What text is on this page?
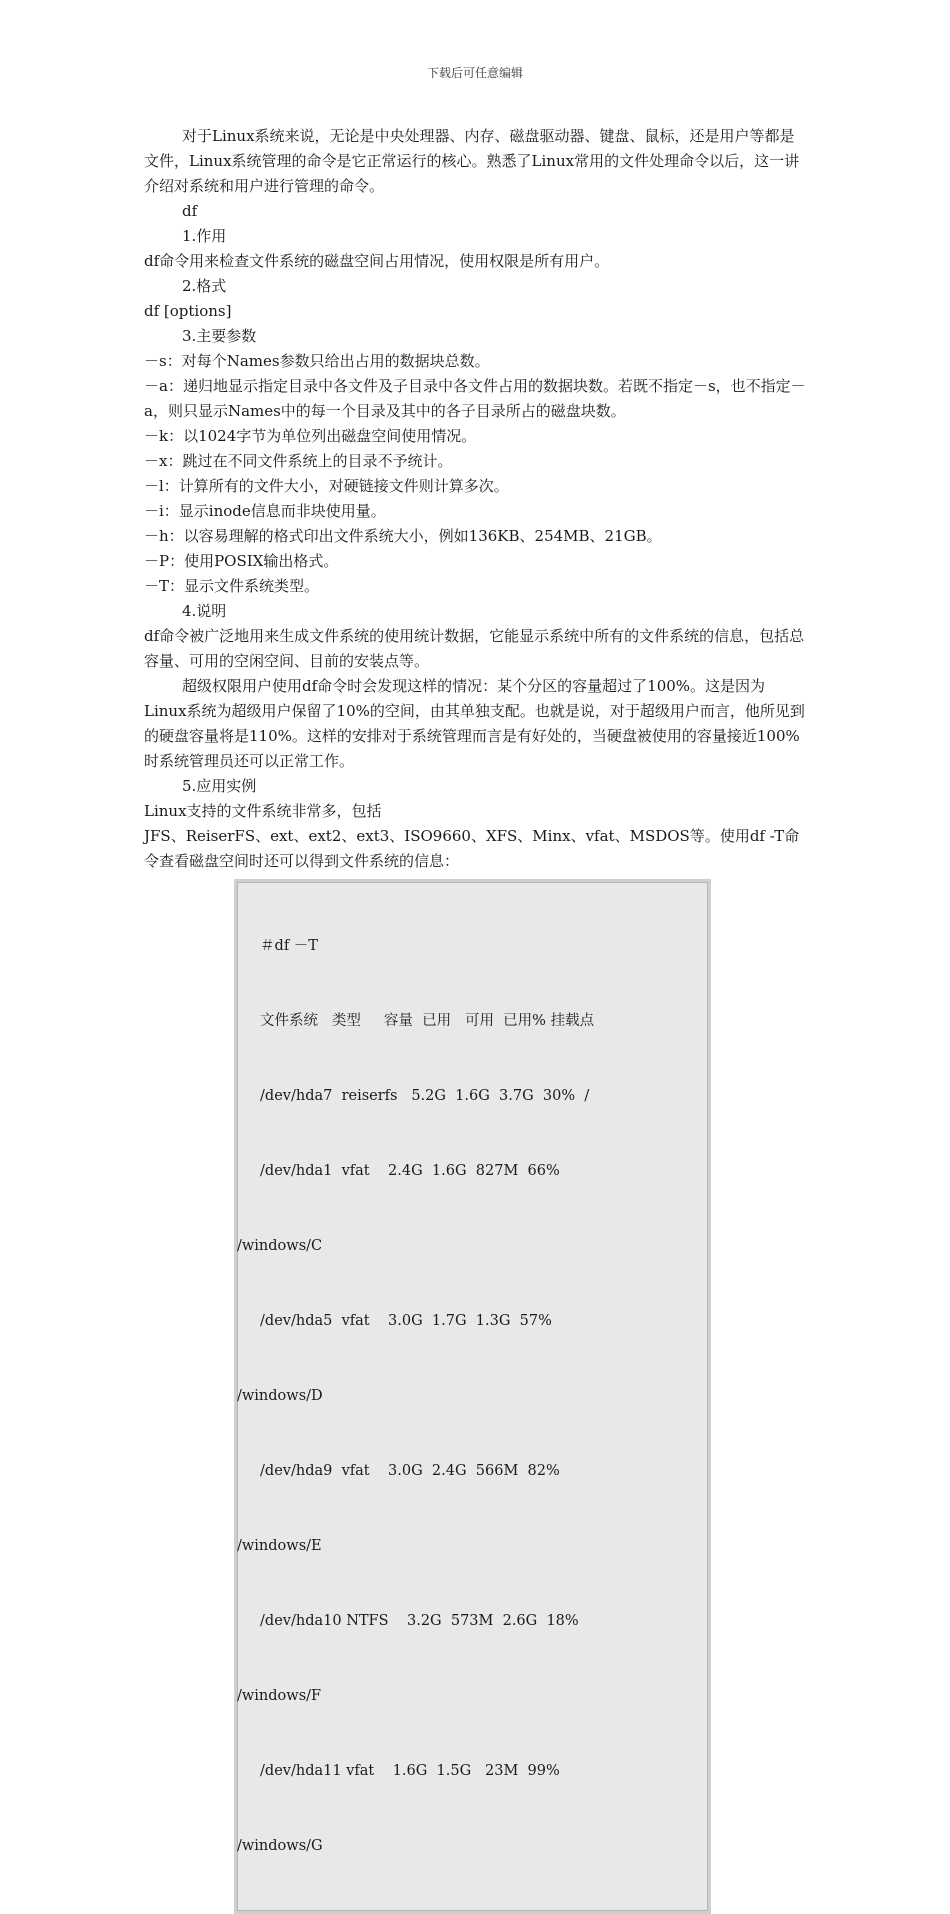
下载后可任意编辑

对于Linux系统来说，无论是中央处理器、内存、磁盘驱动器、键盘、鼠标，还是用户等都是文件，Linux系统管理的命令是它正常运行的核心。熟悉了Linux常用的文件处理命令以后，这一讲介绍对系统和用户进行管理的命令。

df

1.作用

df命令用来检查文件系统的磁盘空间占用情况，使用权限是所有用户。

2.格式

df [options]

3.主要参数

－s：对每个Names参数只给出占用的数据块总数。

－a：递归地显示指定目录中各文件及子目录中各文件占用的数据块数。若既不指定－s，也不指定－a，则只显示Names中的每一个目录及其中的各子目录所占的磁盘块数。

－k：以1024字节为单位列出磁盘空间使用情况。

－x：跳过在不同文件系统上的目录不予统计。

－l：计算所有的文件大小，对硬链接文件则计算多次。

－i：显示inode信息而非块使用量。

－h：以容易理解的格式印出文件系统大小，例如136KB、254MB、21GB。

－P：使用POSIX输出格式。

－T：显示文件系统类型。

4.说明

df命令被广泛地用来生成文件系统的使用统计数据，它能显示系统中所有的文件系统的信息，包括总容量、可用的空闲空间、目前的安装点等。

超级权限用户使用df命令时会发现这样的情况：某个分区的容量超过了100%。这是因为Linux系统为超级用户保留了10%的空间，由其单独支配。也就是说，对于超级用户而言，他所见到的硬盘容量将是110%。这样的安排对于系统管理而言是有好处的，当硬盘被使用的容量接近100%时系统管理员还可以正常工作。

5.应用实例

Linux支持的文件系统非常多，包括

JFS、ReiserFS、ext、ext2、ext3、ISO9660、XFS、Minx、vfat、MSDOS等。使用df -T命令查看磁盘空间时还可以得到文件系统的信息：

＃df －T

文件系统   类型     容量  已用   可用  已用% 挂载点

/dev/hda7  reiserfs   5.2G  1.6G  3.7G  30%  /

/dev/hda1  vfat    2.4G  1.6G  827M  66%

/windows/C

/dev/hda5  vfat    3.0G  1.7G  1.3G  57%

/windows/D

/dev/hda9  vfat    3.0G  2.4G  566M  82%

/windows/E

/dev/hda10 NTFS    3.2G  573M  2.6G  18%

/windows/F

/dev/hda11 vfat    1.6G  1.5G   23M  99%

/windows/G
